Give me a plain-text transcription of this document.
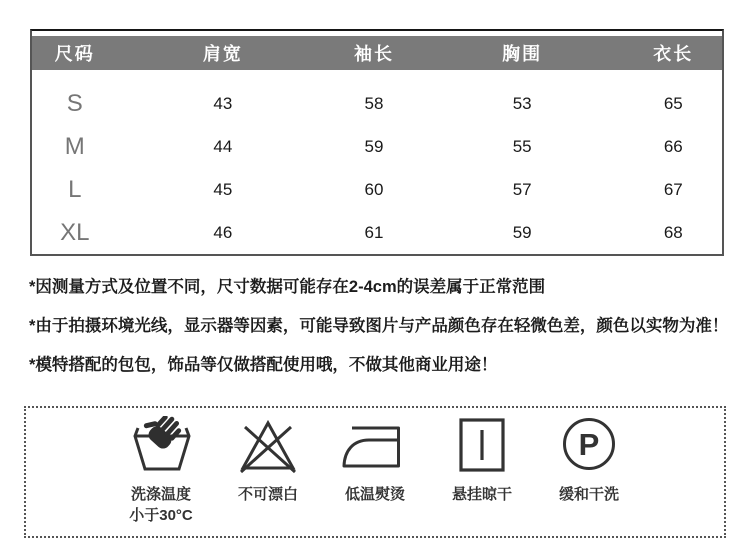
尺码	肩宽	袖长	胸围	衣长
S	43	58	53	65
M	44	59	55	66
L	45	60	57	67
XL	46	61	59	68
*因测量方式及位置不同，尺寸数据可能存在2-4cm的误差属于正常范围
*由于拍摄环境光线，显示器等因素，可能导致图片与产品颜色存在轻微色差，颜色以实物为准！
*模特搭配的包包，饰品等仅做搭配使用哦，不做其他商业用途！
洗涤温度
小于30°C
不可漂白	低温熨烫	悬挂晾干
P
缓和干洗
